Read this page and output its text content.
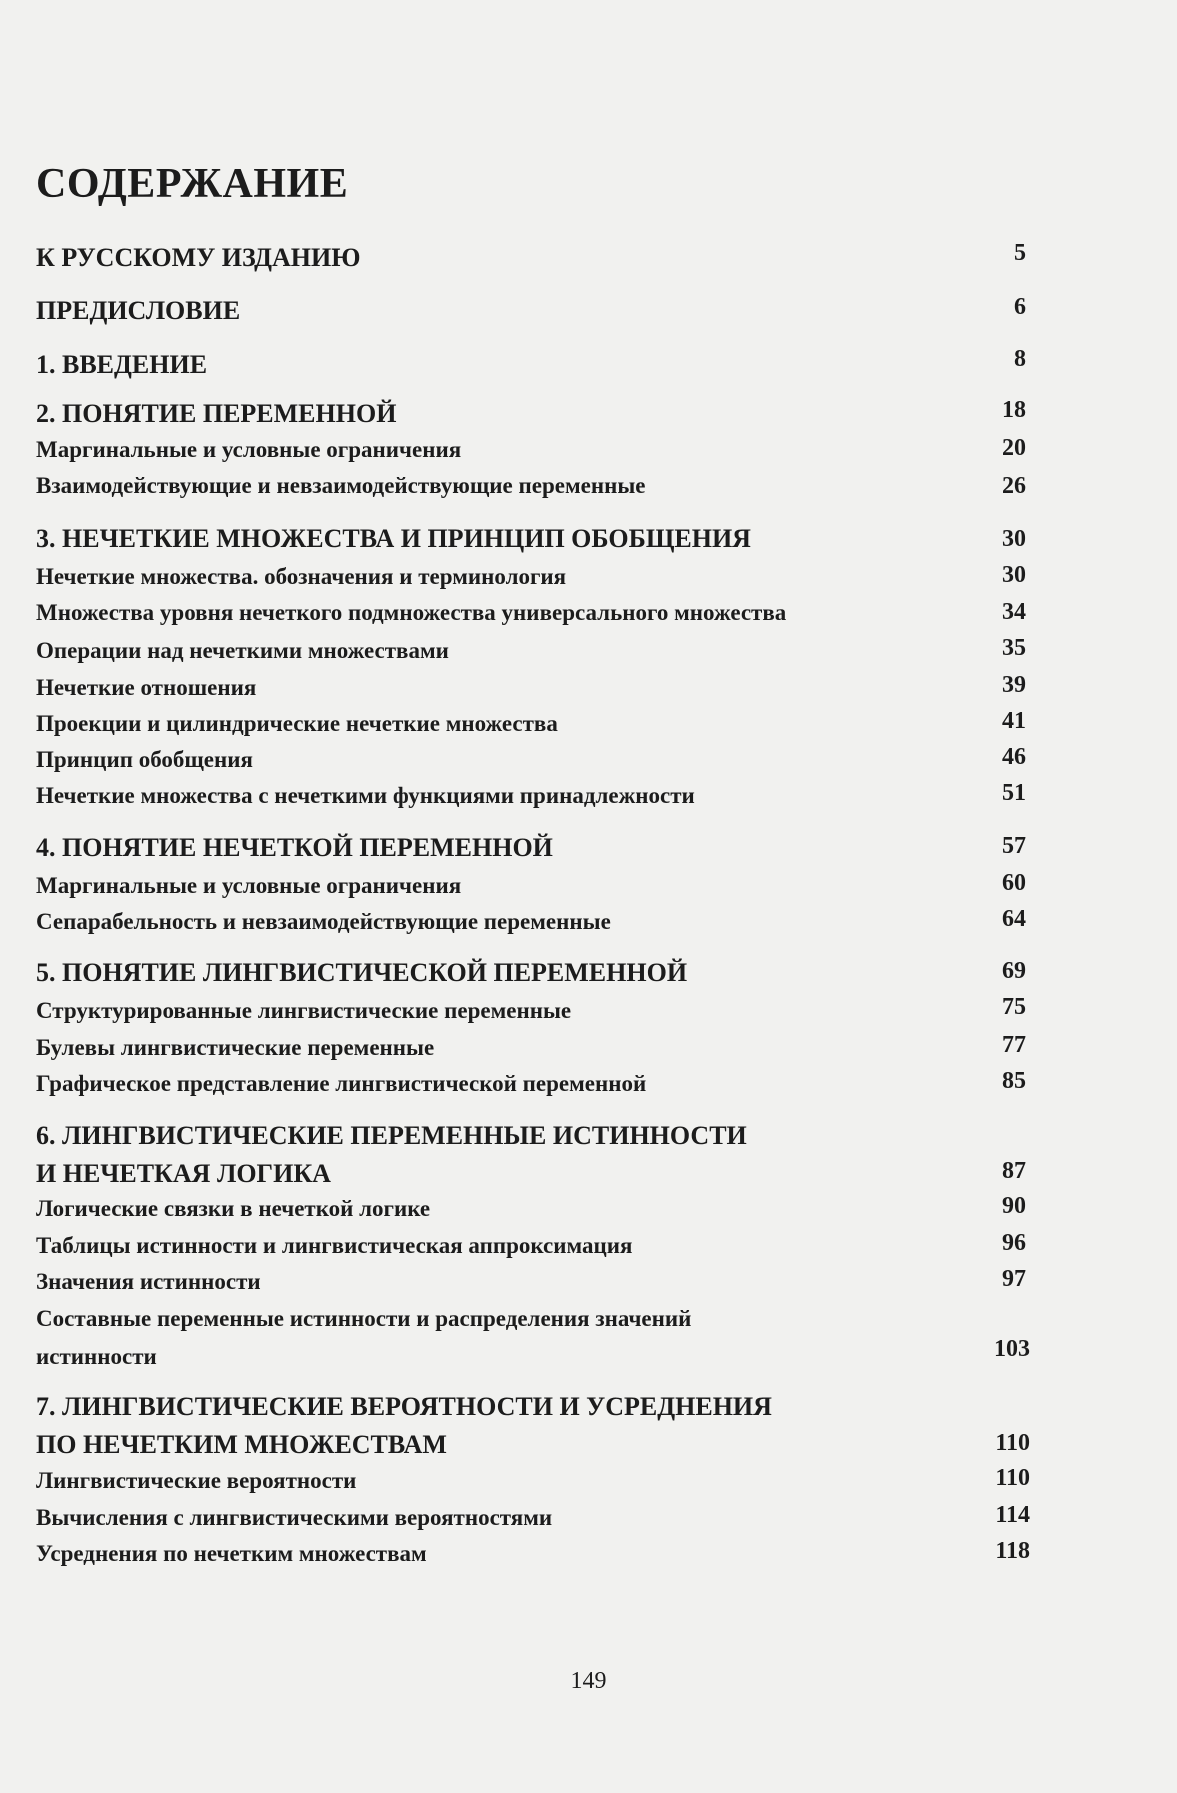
СОДЕРЖАНИЕ
К РУССКОМУ ИЗДАНИЮ	5
ПРЕДИСЛОВИЕ	6
1. ВВЕДЕНИЕ	8
2. ПОНЯТИЕ ПЕРЕМЕННОЙ	18
Маргинальные и условные ограничения	20
Взаимодействующие и невзаимодействующие переменные	26
3. НЕЧЕТКИЕ МНОЖЕСТВА И ПРИНЦИП ОБОБЩЕНИЯ	30
Нечеткие множества. обозначения и терминология	30
Множества уровня нечеткого подмножества универсального множества	34
Операции над нечеткими множествами	35
Нечеткие отношения	39
Проекции и цилиндрические нечеткие множества	41
Принцип обобщения	46
Нечеткие множества с нечеткими функциями принадлежности	51
4. ПОНЯТИЕ НЕЧЕТКОЙ ПЕРЕМЕННОЙ	57
Маргинальные и условные ограничения	60
Сепарабельность и невзаимодействующие переменные	64
5. ПОНЯТИЕ ЛИНГВИСТИЧЕСКОЙ ПЕРЕМЕННОЙ	69
Структурированные лингвистические переменные	75
Булевы лингвистические переменные	77
Графическое представление лингвистической переменной	85
6. ЛИНГВИСТИЧЕСКИЕ ПЕРЕМЕННЫЕ ИСТИННОСТИ
И НЕЧЕТКАЯ ЛОГИКА	87
Логические связки в нечеткой логике	90
Таблицы истинности и лингвистическая аппроксимация	96
Значения истинности	97
Составные переменные истинности и распределения значений
истинности	103
7. ЛИНГВИСТИЧЕСКИЕ ВЕРОЯТНОСТИ И УСРЕДНЕНИЯ
ПО НЕЧЕТКИМ МНОЖЕСТВАМ	110
Лингвистические вероятности	110
Вычисления с лингвистическими вероятностями	114
Усреднения по нечетким множествам	118
149
